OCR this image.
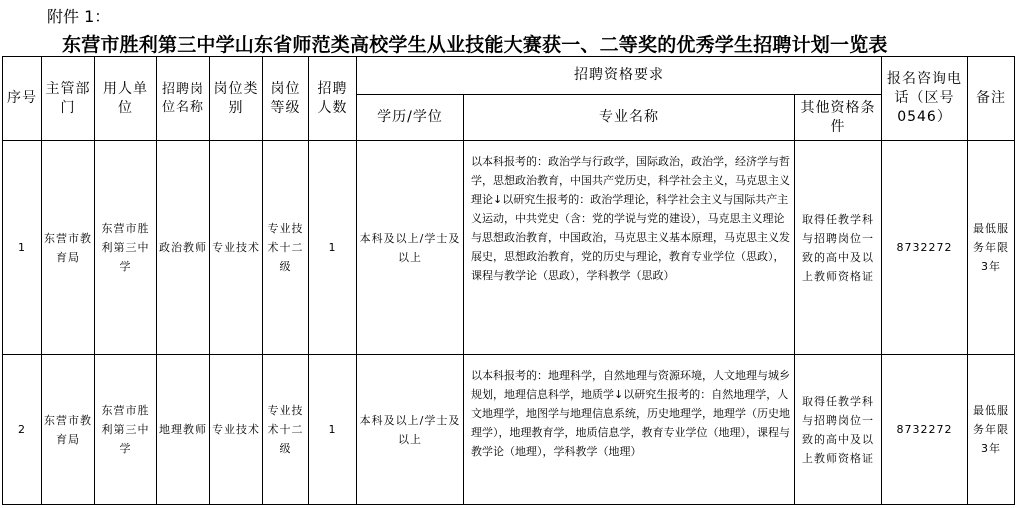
附件 1：
东营市胜利第三中学山东省师范类高校学生从业技能大赛获一、二等奖的优秀学生招聘计划一览表
序号	主管部门	用人单位	招聘岗位名称	岗位类别	岗位等级	招聘人数	招聘资格要求			报名咨询电话（区号0546）	备注
							学历/学位	专业名称	其他资格条件		
1	东营市教育局	东营市胜利第三中学	政治教师	专业技术	专业技术十二级	1	本科及以上/学士及以上	以本科报考的：政治学与行政学，国际政治，政治学，经济学与哲学，思想政治教育，中国共产党历史，科学社会主义，马克思主义理论↓以研究生报考的：政治学理论，科学社会主义与国际共产主义运动，中共党史（含：党的学说与党的建设），马克思主义理论与思想政治教育，中国政治，马克思主义基本原理，马克思主义发展史，思想政治教育，党的历史与理论，教育专业学位（思政），课程与教学论（思政），学科教学（思政）	取得任教学科与招聘岗位一致的高中及以上教师资格证	8732272	最低服务年限3年
2	东营市教育局	东营市胜利第三中学	地理教师	专业技术	专业技术十二级	1	本科及以上/学士及以上	以本科报考的：地理科学，自然地理与资源环境，人文地理与城乡规划，地理信息科学，地质学↓以研究生报考的：自然地理学，人文地理学，地图学与地理信息系统，历史地理学，地理学（历史地理学），地理教育学，地质信息学，教育专业学位（地理），课程与教学论（地理），学科教学（地理）	取得任教学科与招聘岗位一致的高中及以上教师资格证	8732272	最低服务年限3年
